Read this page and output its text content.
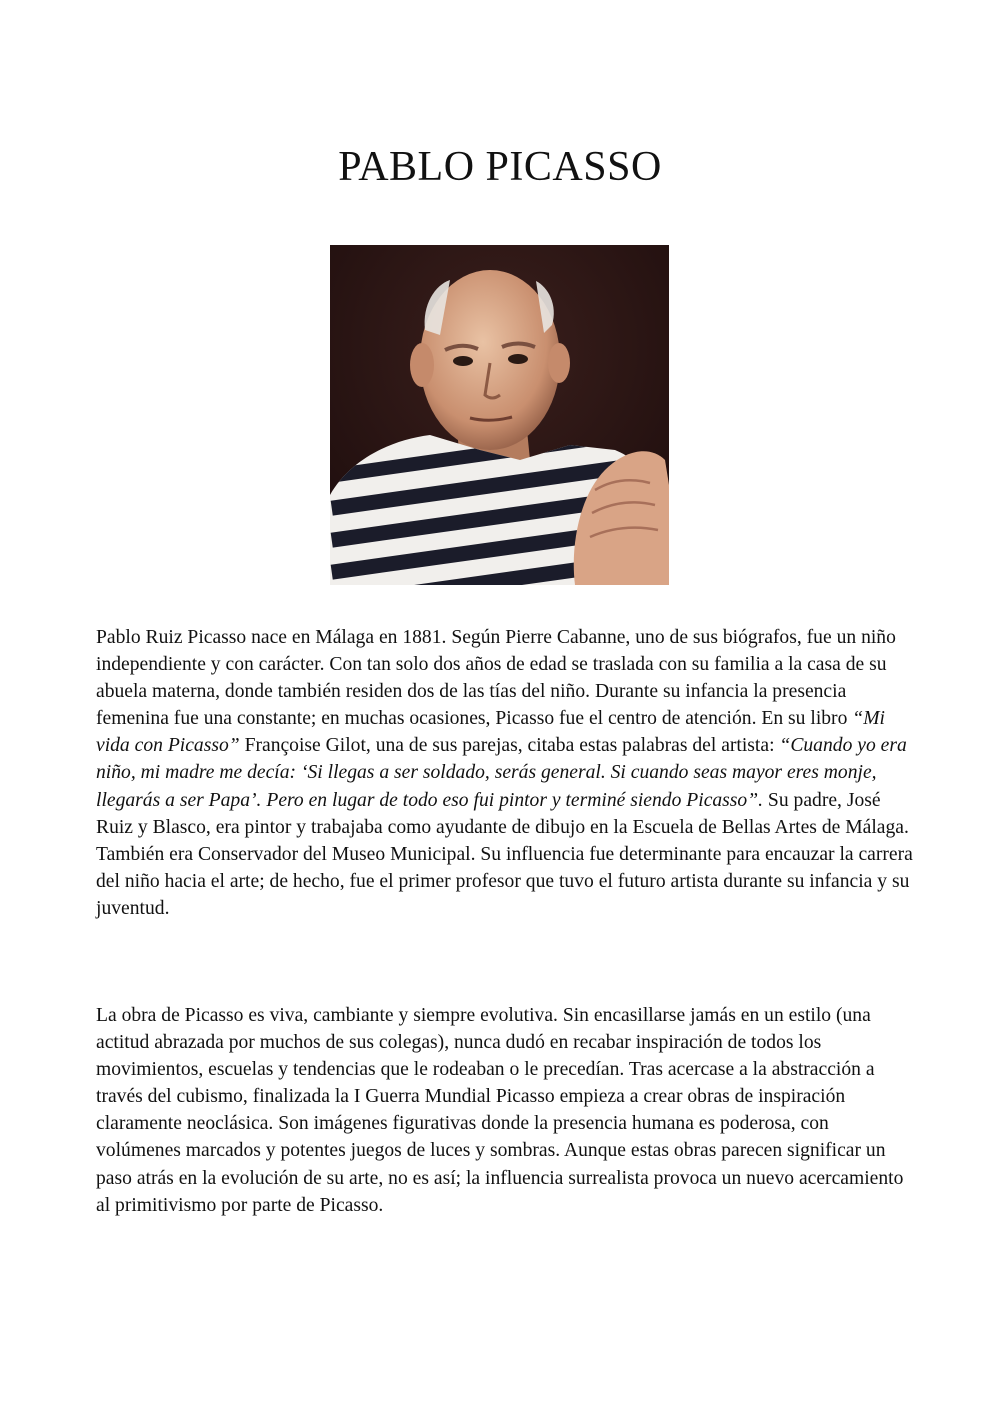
PABLO PICASSO

Pablo Ruiz Picasso nace en Málaga en 1881. Según Pierre Cabanne, uno de sus biógrafos, fue un niño independiente y con carácter. Con tan solo dos años de edad se traslada con su familia a la casa de su abuela materna, donde también residen dos de las tías del niño. Durante su infancia la presencia femenina fue una constante; en muchas ocasiones, Picasso fue el centro de atención. En su libro “Mi vida con Picasso” Françoise Gilot, una de sus parejas, citaba estas palabras del artista: “Cuando yo era niño, mi madre me decía: ‘Si llegas a ser soldado, serás general. Si cuando seas mayor eres monje, llegarás a ser Papa’. Pero en lugar de todo eso fui pintor y terminé siendo Picasso”. Su padre, José Ruiz y Blasco, era pintor y trabajaba como ayudante de dibujo en la Escuela de Bellas Artes de Málaga. También era Conservador del Museo Municipal. Su influencia fue determinante para encauzar la carrera del niño hacia el arte; de hecho, fue el primer profesor que tuvo el futuro artista durante su infancia y su juventud.

La obra de Picasso es viva, cambiante y siempre evolutiva. Sin encasillarse jamás en un estilo (una actitud abrazada por muchos de sus colegas), nunca dudó en recabar inspiración de todos los movimientos, escuelas y tendencias que le rodeaban o le precedían. Tras acercase a la abstracción a través del cubismo, finalizada la I Guerra Mundial Picasso empieza a crear obras de inspiración claramente neoclásica. Son imágenes figurativas donde la presencia humana es poderosa, con volúmenes marcados y potentes juegos de luces y sombras. Aunque estas obras parecen significar un paso atrás en la evolución de su arte, no es así; la influencia surrealista provoca un nuevo acercamiento al primitivismo por parte de Picasso.
